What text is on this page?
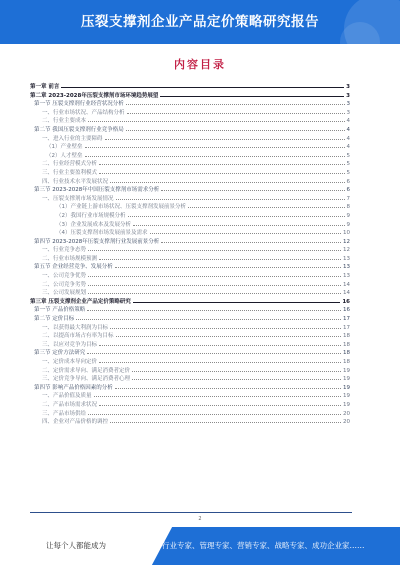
压裂支撑剂企业产品定价策略研究报告
内容目录
第一章 前言	3
第二章 2023-2028年压裂支撑剂市场环境趋势展望	3
第一节 压裂支撑剂行业经营状况分析	3
一、行业市场状况、产品结构分析	3
二、行业主要成本	4
第二节 我国压裂支撑剂行业竞争格局	4
一、进入行业的主要障碍	4
（1）产业壁垒	4
（2）人才壁垒	5
二、行业经营模式分析	5
三、行业主要盈利模式	5
四、行业技术水平发展状况	6
第三节 2023-2028年中国压裂支撑剂市场需求分析	6
一、压裂支撑剂市场发展情况	7
（1）产业链上游市场状况、压裂支撑剂发展前景分析	8
（2）我国行业市场规模分析	9
（3）企业发展成本及发展分析	9
（4）压裂支撑剂市场发展前景及需求	10
第四节 2023-2028年压裂支撑剂行业发展前景分析	12
一、行业竞争态势	12
二、行业市场规模预测	13
第五节 企业经营竞争、发展分析	13
一、公司竞争优势	13
二、公司竞争劣势	14
三、公司发展规划	14
第三章 压裂支撑剂企业产品定价策略研究	16
第一节 产品价格策略	16
第二节 定价目标	17
一、以获得最大利润为目标	17
二、以提高市场占有率为目标	18
三、以应对竞争为目标	18
第三节 定价方法研究	18
一、定价成本导向定价	18
二、定价需求导向、满足消费者定价	19
三、定价竞争导向、满足消费者心理	19
第四节 影响产品价格因素的分析	19
一、产品价值及质量	19
二、产品市场需求状况	19
三、产品市场供给	20
四、企业对产品价格的调控	20
2
让每个人都能成为	行业专家、管理专家、营销专家、战略专家、成功企业家……
